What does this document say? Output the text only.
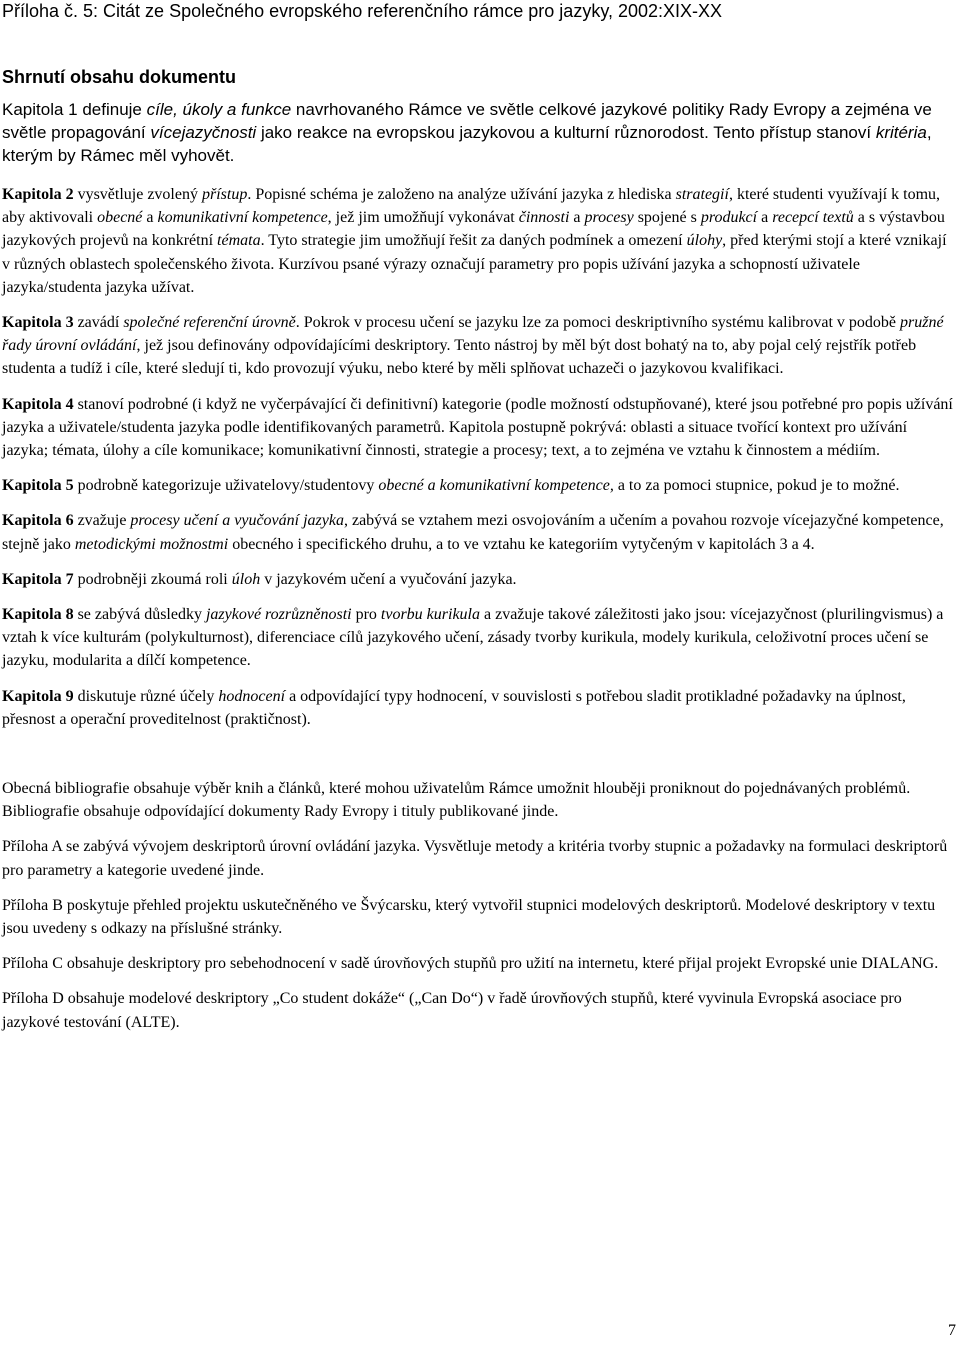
Příloha č. 5: Citát ze Společného evropského referenčního rámce pro jazyky, 2002:XIX-XX
Shrnutí obsahu dokumentu

Kapitola 1 definuje cíle, úkoly a funkce navrhovaného Rámce ve světle celkové jazykové politiky Rady Evropy a zejména ve světle propagování vícejazyčnosti jako reakce na evropskou jazykovou a kulturní různorodost. Tento přístup stanoví kritéria, kterým by Rámec měl vyhovět.

Kapitola 2 vysvětluje zvolený přístup. Popisné schéma je založeno na analýze užívání jazyka z hlediska strategií, které studenti využívají k tomu, aby aktivovali obecné a komunikativní kompetence, jež jim umožňují vykonávat činnosti a procesy spojené s produkcí a recepcí textů a s výstavbou jazykových projevů na konkrétní témata. Tyto strategie jim umožňují řešit za daných podmínek a omezení úlohy, před kterými stojí a které vznikají v různých oblastech společenského života. Kurzívou psané výrazy označují parametry pro popis užívání jazyka a schopností uživatele jazyka/studenta jazyka užívat.

Kapitola 3 zavádí společné referenční úrovně. Pokrok v procesu učení se jazyku lze za pomoci deskriptivního systému kalibrovat v podobě pružné řady úrovní ovládání, jež jsou definovány odpovídajícími deskriptory. Tento nástroj by měl být dost bohatý na to, aby pojal celý rejstřík potřeb studenta a tudíž i cíle, které sledují ti, kdo provozují výuku, nebo které by měli splňovat uchazeči o jazykovou kvalifikaci.

Kapitola 4 stanoví podrobné (i když ne vyčerpávající či definitivní) kategorie (podle možností odstupňované), které jsou potřebné pro popis užívání jazyka a uživatele/studenta jazyka podle identifikovaných parametrů. Kapitola postupně pokrývá: oblasti a situace tvořící kontext pro užívání jazyka; témata, úlohy a cíle komunikace; komunikativní činnosti, strategie a procesy; text, a to zejména ve vztahu k činnostem a médiím.

Kapitola 5 podrobně kategorizuje uživatelovy/studentovy obecné a komunikativní kompetence, a to za pomoci stupnice, pokud je to možné.

Kapitola 6 zvažuje procesy učení a vyučování jazyka, zabývá se vztahem mezi osvojováním a učením a povahou rozvoje vícejazyčné kompetence, stejně jako metodickými možnostmi obecného i specifického druhu, a to ve vztahu ke kategoriím vytyčeným v kapitolách 3 a 4.

Kapitola 7 podrobněji zkoumá roli úloh v jazykovém učení a vyučování jazyka.

Kapitola 8 se zabývá důsledky jazykové rozrůzněnosti pro tvorbu kurikula a zvažuje takové záležitosti jako jsou: vícejazyčnost (plurilingvismus) a vztah k více kulturám (polykulturnost), diferenciace cílů jazykového učení, zásady tvorby kurikula, modely kurikula, celoživotní proces učení se jazyku, modularita a dílčí kompetence.

Kapitola 9 diskutuje různé účely hodnocení a odpovídající typy hodnocení, v souvislosti s potřebou sladit protikladné požadavky na úplnost, přesnost a operační proveditelnost (praktičnost).

Obecná bibliografie obsahuje výběr knih a článků, které mohou uživatelům Rámce umožnit hlouběji proniknout do pojednávaných problémů. Bibliografie obsahuje odpovídající dokumenty Rady Evropy i tituly publikované jinde.

Příloha A se zabývá vývojem deskriptorů úrovní ovládání jazyka. Vysvětluje metody a kritéria tvorby stupnic a požadavky na formulaci deskriptorů pro parametry a kategorie uvedené jinde.

Příloha B poskytuje přehled projektu uskutečněného ve Švýcarsku, který vytvořil stupnici modelových deskriptorů. Modelové deskriptory v textu jsou uvedeny s odkazy na příslušné stránky.

Příloha C obsahuje deskriptory pro sebehodnocení v sadě úrovňových stupňů pro užití na internetu, které přijal projekt Evropské unie DIALANG.

Příloha D obsahuje modelové deskriptory „Co student dokáže“ („Can Do“) v řadě úrovňových stupňů, které vyvinula Evropská asociace pro jazykové testování (ALTE).

7
